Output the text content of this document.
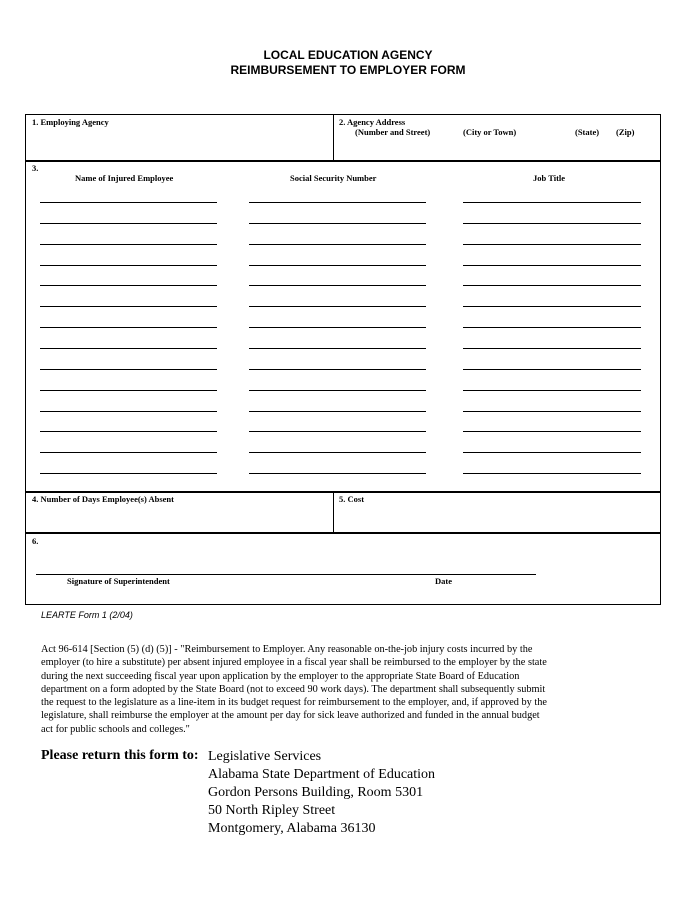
LOCAL EDUCATION AGENCY
REIMBURSEMENT TO EMPLOYER FORM
1. Employing Agency	2. Agency Address
(Number and Street)	(City or Town)	(State) (Zip)
3.
Name of Injured Employee	Social Security Number	Job Title
4. Number of Days Employee(s) Absent	5. Cost
6.
Signature of Superintendent	Date
LEARTE Form 1 (2/04)
Act 96-614 [Section (5) (d) (5)] - "Reimbursement to Employer. Any reasonable on-the-job injury costs incurred by the
employer (to hire a substitute) per absent injured employee in a fiscal year shall be reimbursed to the employer by the state
during the next succeeding fiscal year upon application by the employer to the appropriate State Board of Education
department on a form adopted by the State Board (not to exceed 90 work days). The department shall subsequently submit
the request to the legislature as a line-item in its budget request for reimbursement to the employer, and, if approved by the
legislature, shall reimburse the employer at the amount per day for sick leave authorized and funded in the annual budget
act for public schools and colleges."
Please return this form to: Legislative Services
Alabama State Department of Education
Gordon Persons Building, Room 5301
50 North Ripley Street
Montgomery, Alabama 36130
